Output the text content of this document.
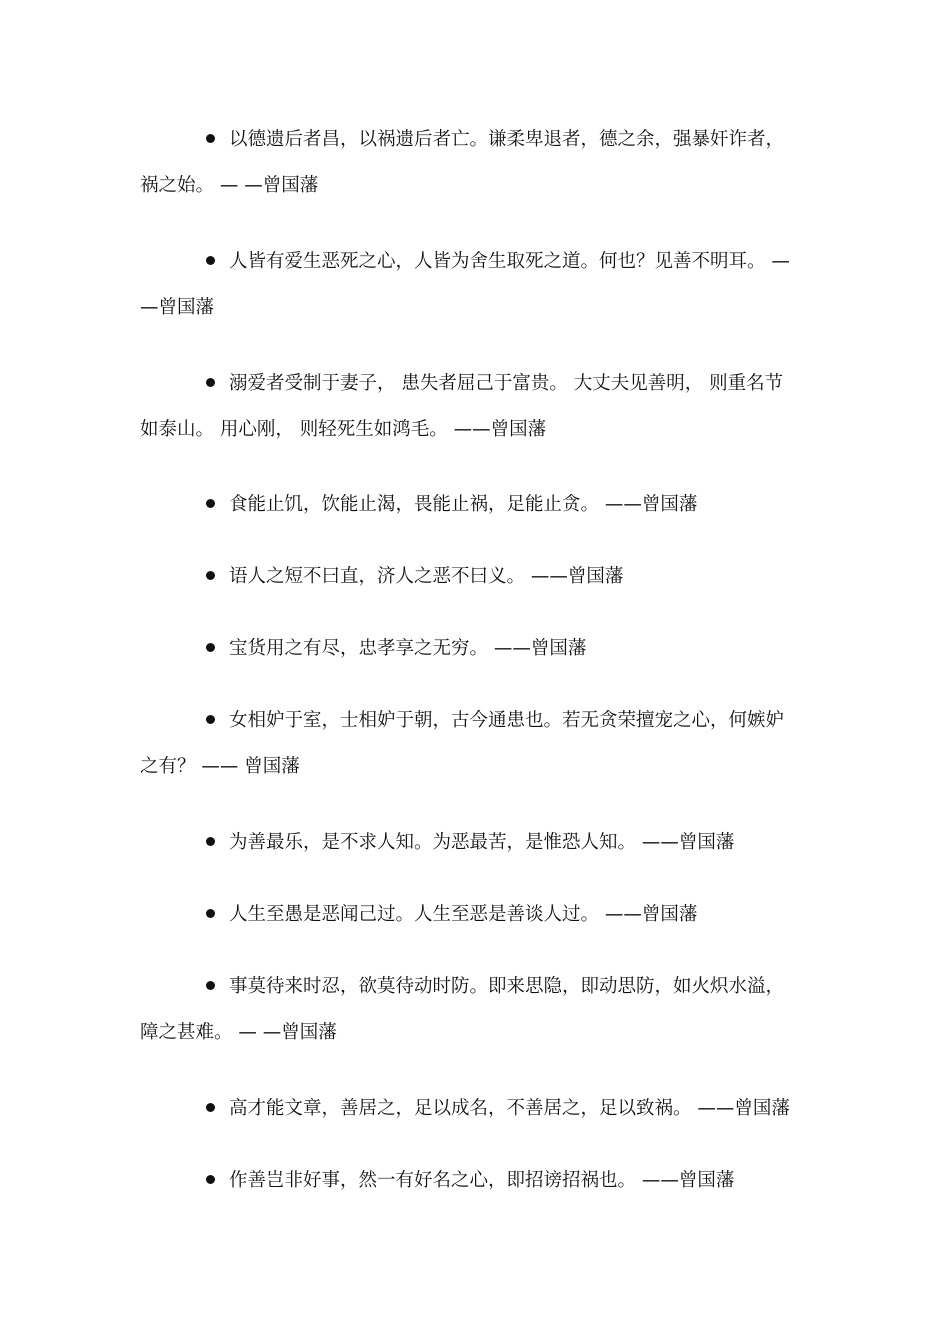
以德遗后者昌，以祸遗后者亡。谦柔卑退者，德之余，强暴奸诈者，
祸之始。 — —曾国藩
人皆有爱生恶死之心，人皆为舍生取死之道。何也？见善不明耳。 —
—曾国藩
溺爱者受制于妻子， 患失者屈己于富贵。 大丈夫见善明， 则重名节
如泰山。 用心刚， 则轻死生如鸿毛。 ——曾国藩
食能止饥，饮能止渴，畏能止祸，足能止贪。 ——曾国藩
语人之短不曰直，济人之恶不曰义。 ——曾国藩
宝货用之有尽，忠孝享之无穷。 ——曾国藩
女相妒于室，士相妒于朝，古今通患也。若无贪荣擅宠之心，何嫉妒
之有？ —— 曾国藩
为善最乐，是不求人知。为恶最苦，是惟恐人知。 ——曾国藩
人生至愚是恶闻己过。人生至恶是善谈人过。 ——曾国藩
事莫待来时忍，欲莫待动时防。即来思隐，即动思防，如火炽水溢，
障之甚难。 — —曾国藩
高才能文章，善居之，足以成名，不善居之，足以致祸。 ——曾国藩
作善岂非好事，然一有好名之心，即招谤招祸也。 ——曾国藩
